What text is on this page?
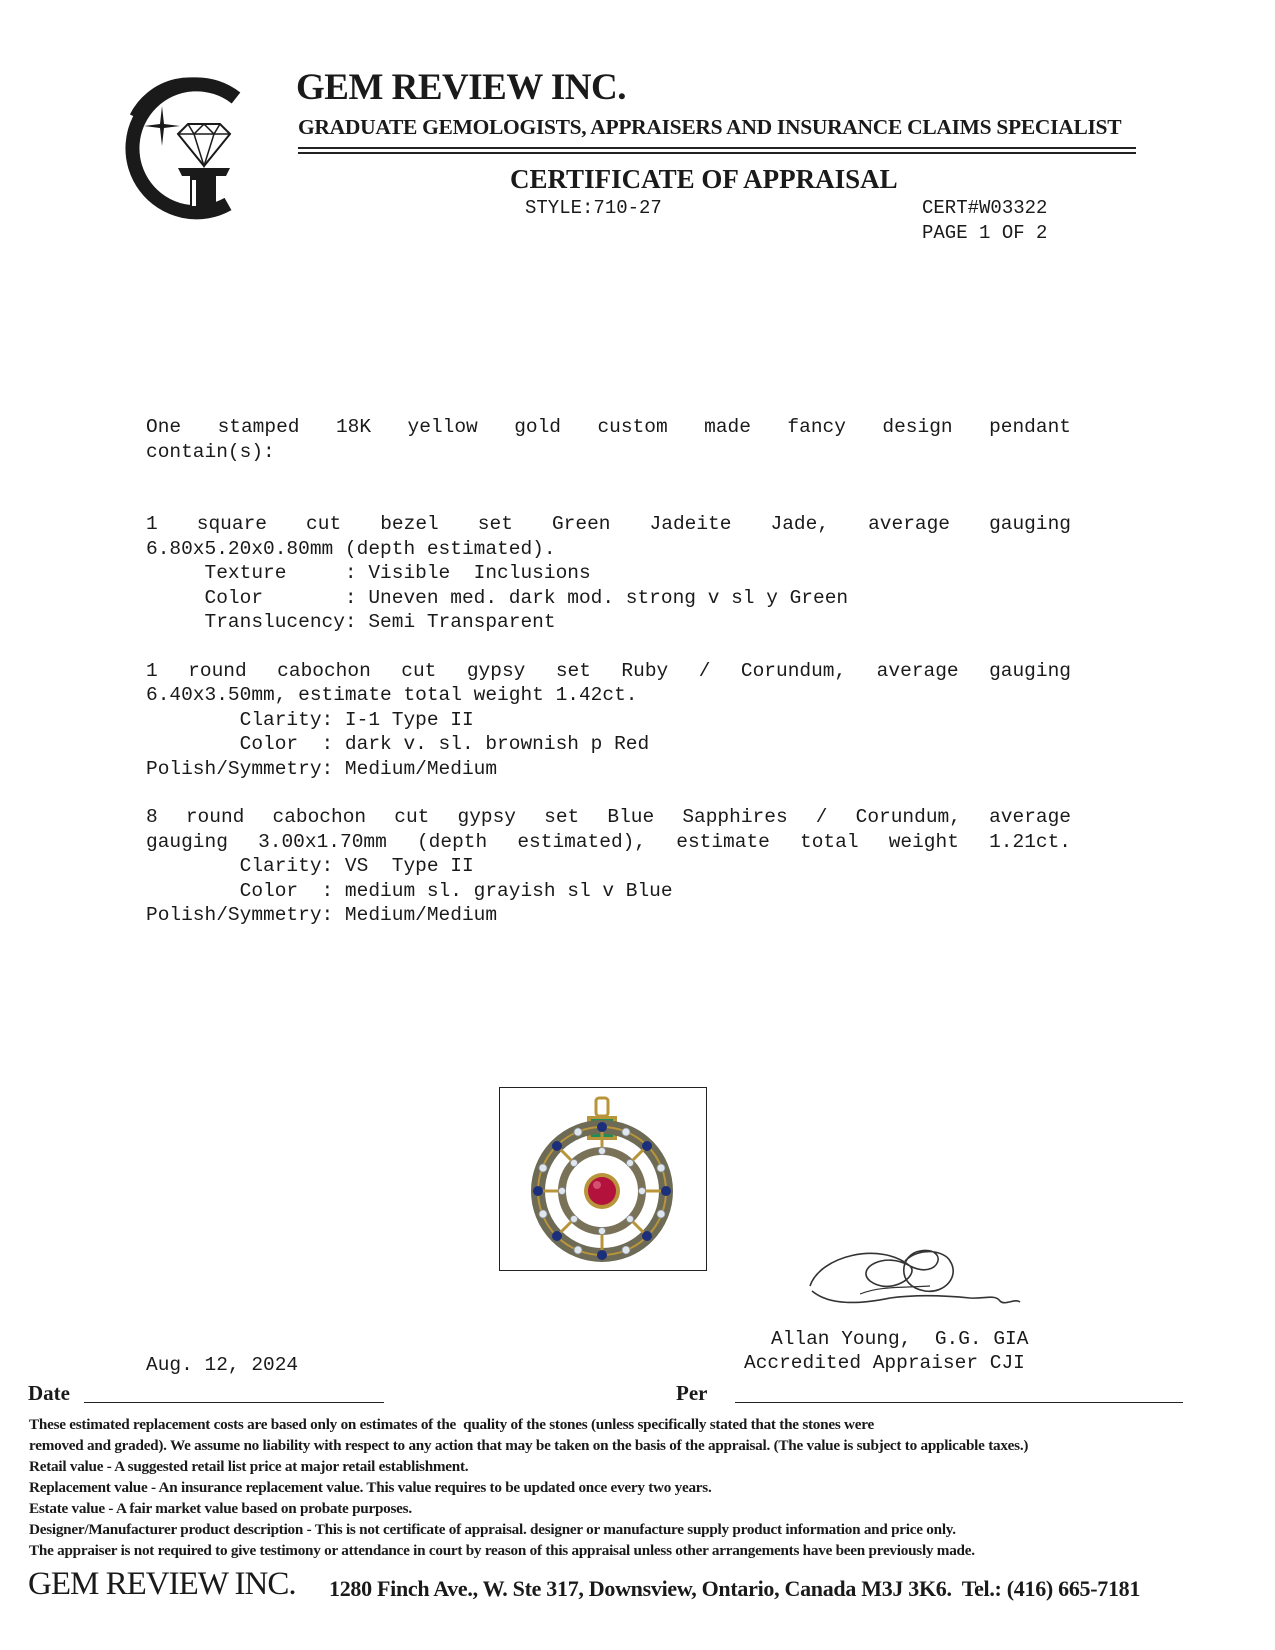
GEM REVIEW INC.
GRADUATE GEMOLOGISTS, APPRAISERS AND INSURANCE CLAIMS SPECIALIST
CERTIFICATE OF APPRAISAL
STYLE:710-27	CERT#W03322
PAGE 1 OF 2
One stamped 18K yellow gold custom made fancy design pendant
contain(s):
1 square cut bezel set Green Jadeite Jade, average gauging
6.80x5.20x0.80mm (depth estimated).
Texture     : Visible  Inclusions
Color       : Uneven med. dark mod. strong v sl y Green
Translucency: Semi Transparent
1 round cabochon cut gypsy set Ruby / Corundum, average gauging
6.40x3.50mm, estimate total weight 1.42ct.
Clarity: I-1 Type II
Color  : dark v. sl. brownish p Red
Polish/Symmetry: Medium/Medium
8 round cabochon cut gypsy set Blue Sapphires / Corundum, average
gauging 3.00x1.70mm (depth estimated), estimate total weight 1.21ct.
Clarity: VS  Type II
Color  : medium sl. grayish sl v Blue
Polish/Symmetry: Medium/Medium
Allan Young,  G.G. GIA
Accredited Appraiser CJI
Aug. 12, 2024
Date	Per
These estimated replacement costs are based only on estimates of the  quality of the stones (unless specifically stated that the stones were
removed and graded). We assume no liability with respect to any action that may be taken on the basis of the appraisal. (The value is subject to applicable taxes.)
Retail value - A suggested retail list price at major retail establishment.
Replacement value - An insurance replacement value. This value requires to be updated once every two years.
Estate value - A fair market value based on probate purposes.
Designer/Manufacturer product description - This is not certificate of appraisal. designer or manufacture supply product information and price only.
The appraiser is not required to give testimony or attendance in court by reason of this appraisal unless other arrangements have been previously made.
GEM REVIEW INC. 1280 Finch Ave., W. Ste 317, Downsview, Ontario, Canada M3J 3K6.  Tel.: (416) 665-7181
